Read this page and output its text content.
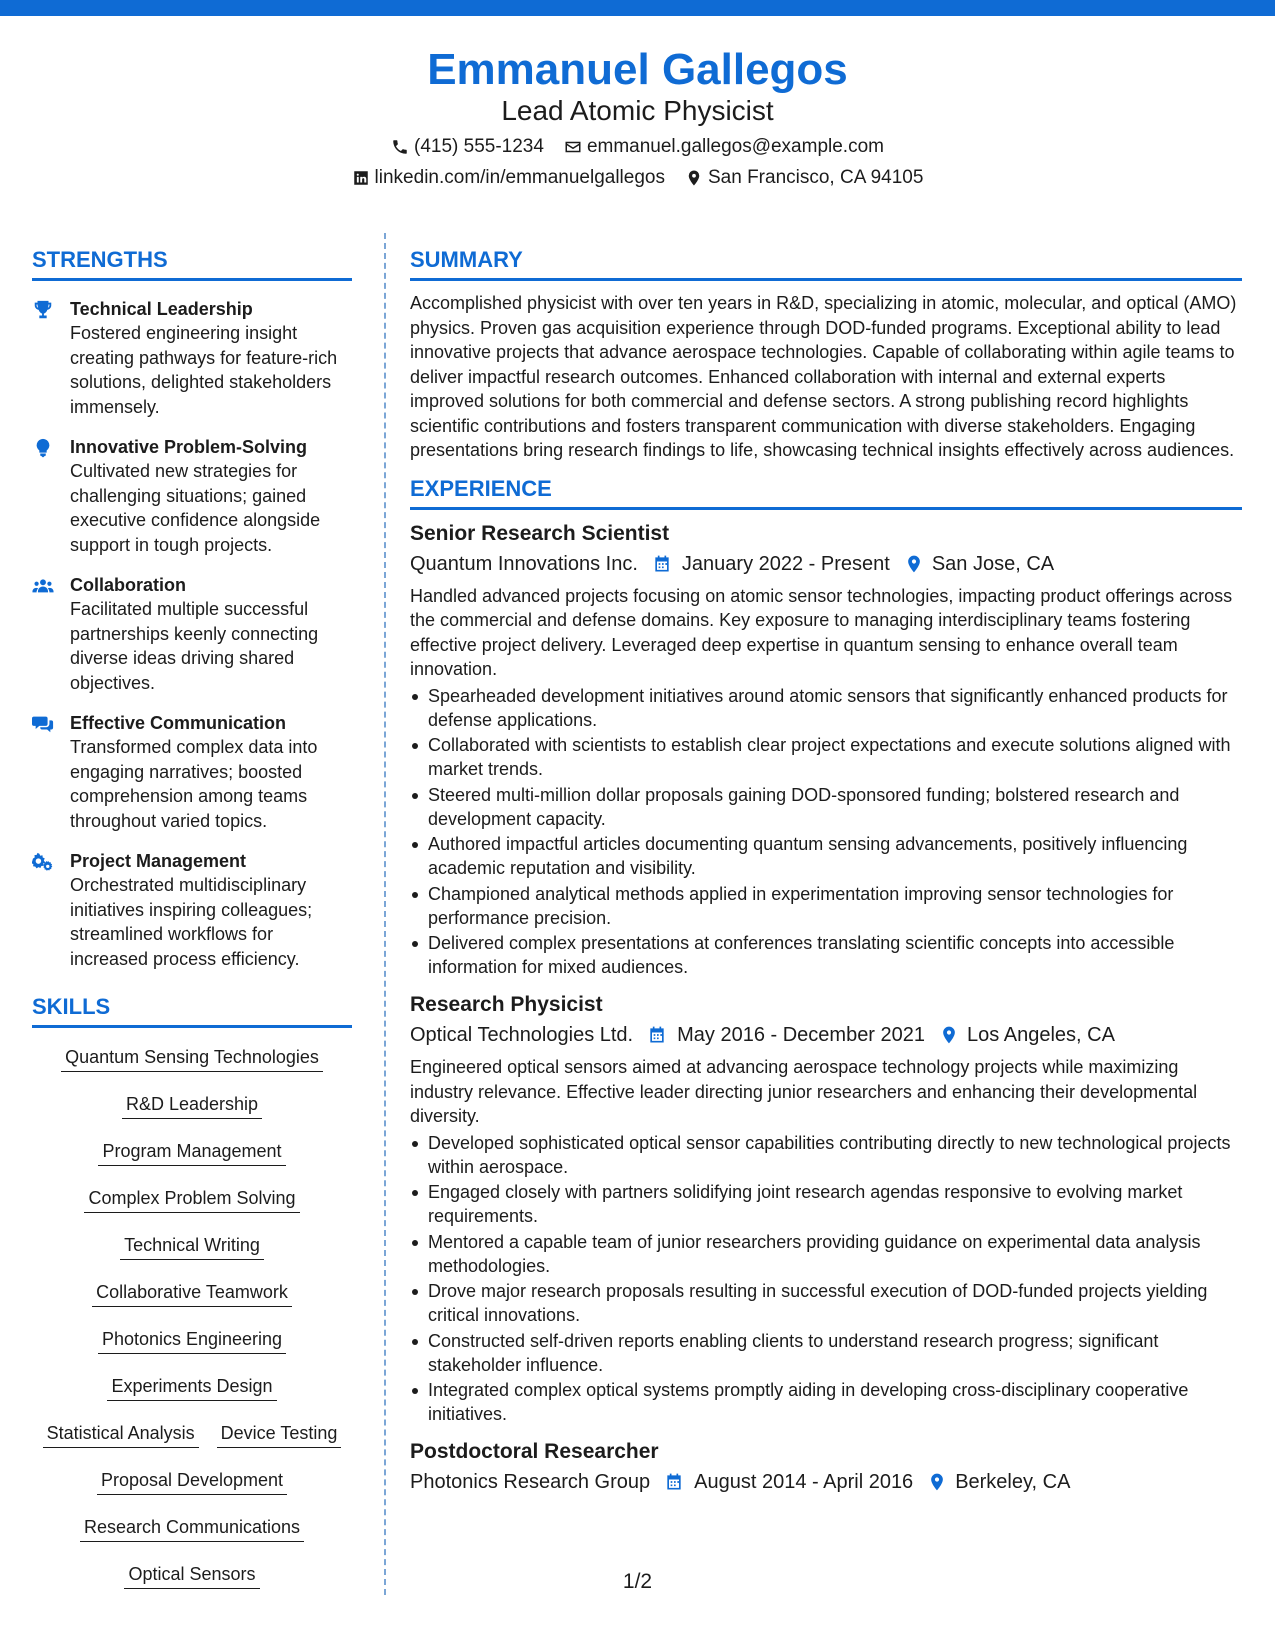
Emmanuel Gallegos
Lead Atomic Physicist
(415) 555-1234 emmanuel.gallegos@example.com
linkedin.com/in/emmanuelgallegos San Francisco, CA 94105
STRENGTHS
Technical Leadership
Fostered engineering insight creating pathways for feature-rich solutions, delighted stakeholders immensely.
Innovative Problem-Solving
Cultivated new strategies for challenging situations; gained executive confidence alongside support in tough projects.
Collaboration
Facilitated multiple successful partnerships keenly connecting diverse ideas driving shared objectives.
Effective Communication
Transformed complex data into engaging narratives; boosted comprehension among teams throughout varied topics.
Project Management
Orchestrated multidisciplinary initiatives inspiring colleagues; streamlined workflows for increased process efficiency.
SKILLS
Quantum Sensing Technologies
R&D Leadership
Program Management
Complex Problem Solving
Technical Writing
Collaborative Teamwork
Photonics Engineering
Experiments Design
Statistical Analysis Device Testing
Proposal Development
Research Communications
Optical Sensors
SUMMARY
Accomplished physicist with over ten years in R&D, specializing in atomic, molecular, and optical (AMO) physics. Proven gas acquisition experience through DOD-funded programs. Exceptional ability to lead innovative projects that advance aerospace technologies. Capable of collaborating within agile teams to deliver impactful research outcomes. Enhanced collaboration with internal and external experts improved solutions for both commercial and defense sectors. A strong publishing record highlights scientific contributions and fosters transparent communication with diverse stakeholders. Engaging presentations bring research findings to life, showcasing technical insights effectively across audiences.
EXPERIENCE
Senior Research Scientist
Quantum Innovations Inc. January 2022 - Present San Jose, CA
Handled advanced projects focusing on atomic sensor technologies, impacting product offerings across the commercial and defense domains. Key exposure to managing interdisciplinary teams fostering effective project delivery. Leveraged deep expertise in quantum sensing to enhance overall team innovation.
Spearheaded development initiatives around atomic sensors that significantly enhanced products for defense applications.
Collaborated with scientists to establish clear project expectations and execute solutions aligned with market trends.
Steered multi-million dollar proposals gaining DOD-sponsored funding; bolstered research and development capacity.
Authored impactful articles documenting quantum sensing advancements, positively influencing academic reputation and visibility.
Championed analytical methods applied in experimentation improving sensor technologies for performance precision.
Delivered complex presentations at conferences translating scientific concepts into accessible information for mixed audiences.
Research Physicist
Optical Technologies Ltd. May 2016 - December 2021 Los Angeles, CA
Engineered optical sensors aimed at advancing aerospace technology projects while maximizing industry relevance. Effective leader directing junior researchers and enhancing their developmental diversity.
Developed sophisticated optical sensor capabilities contributing directly to new technological projects within aerospace.
Engaged closely with partners solidifying joint research agendas responsive to evolving market requirements.
Mentored a capable team of junior researchers providing guidance on experimental data analysis methodologies.
Drove major research proposals resulting in successful execution of DOD-funded projects yielding critical innovations.
Constructed self-driven reports enabling clients to understand research progress; significant stakeholder influence.
Integrated complex optical systems promptly aiding in developing cross-disciplinary cooperative initiatives.
Postdoctoral Researcher
Photonics Research Group August 2014 - April 2016 Berkeley, CA
1/2
